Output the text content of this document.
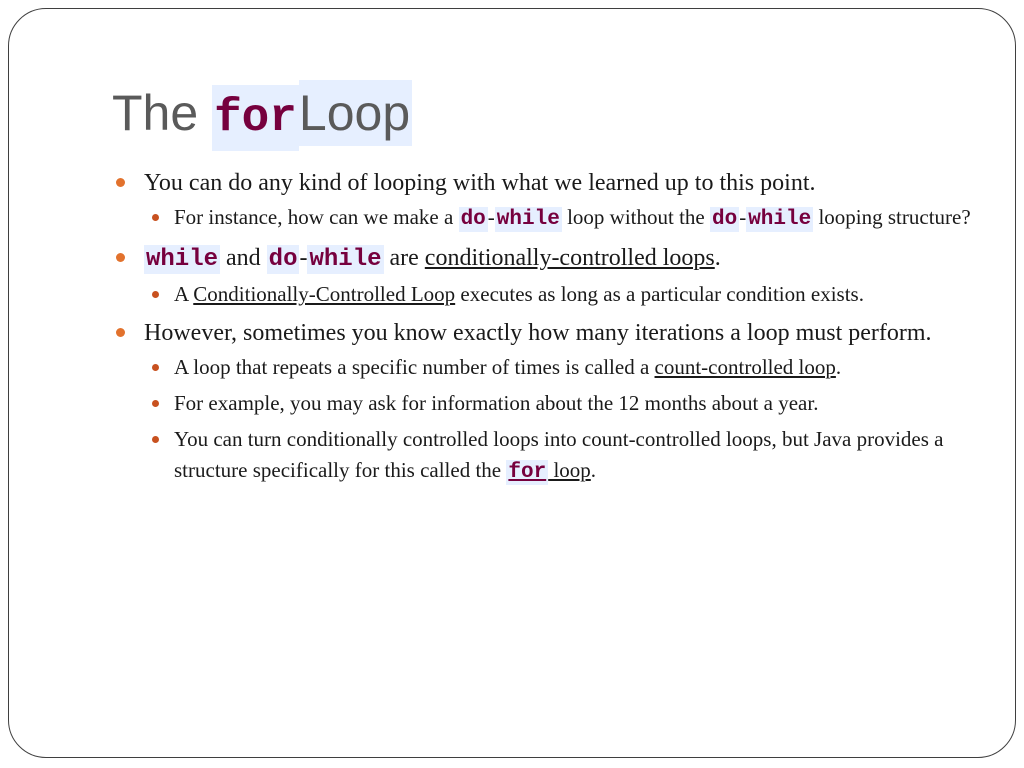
The forLoop
You can do any kind of looping with what we learned up to this point.
For instance, how can we make a do-while loop without the do-while looping structure?
while and do-while are conditionally-controlled loops.
A Conditionally-Controlled Loop executes as long as a particular condition exists.
However, sometimes you know exactly how many iterations a loop must perform.
A loop that repeats a specific number of times is called a count-controlled loop.
For example, you may ask for information about the 12 months about a year.
You can turn conditionally controlled loops into count-controlled loops, but Java provides a structure specifically for this called the for loop.
